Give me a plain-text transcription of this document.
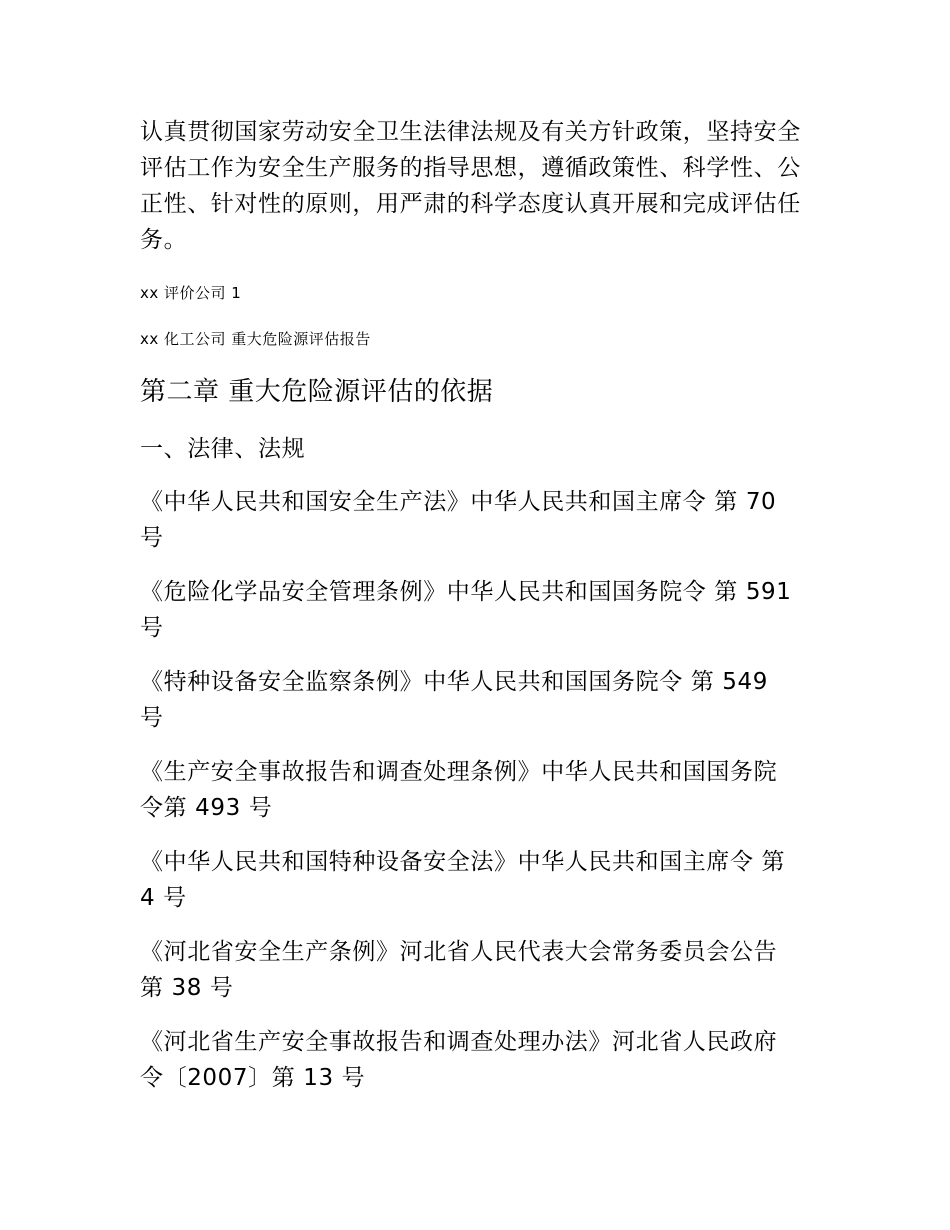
认真贯彻国家劳动安全卫生法律法规及有关方针政策，坚持安全评估工作为安全生产服务的指导思想，遵循政策性、科学性、公正性、针对性的原则，用严肃的科学态度认真开展和完成评估任务。

xx 评价公司 1

xx 化工公司 重大危险源评估报告

第二章 重大危险源评估的依据
一、法律、法规
《中华人民共和国安全生产法》中华人民共和国主席令 第 70
号
《危险化学品安全管理条例》中华人民共和国国务院令 第 591
号
《特种设备安全监察条例》中华人民共和国国务院令 第 549
号
《生产安全事故报告和调查处理条例》中华人民共和国国务院
令第 493 号
《中华人民共和国特种设备安全法》中华人民共和国主席令 第
4 号
《河北省安全生产条例》河北省人民代表大会常务委员会公告
第 38 号
《河北省生产安全事故报告和调查处理办法》河北省人民政府
令〔2007〕第 13 号
